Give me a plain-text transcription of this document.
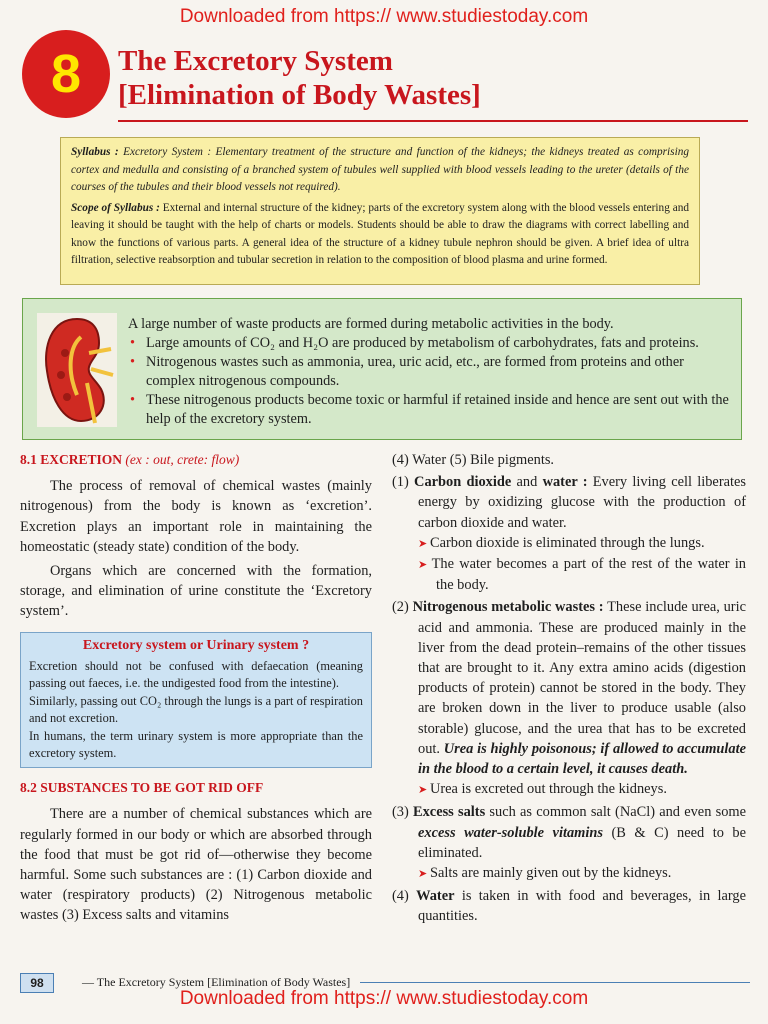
Downloaded from https:// www.studiestoday.com
8	The Excretory System
[Elimination of Body Wastes]

Syllabus : Excretory System : Elementary treatment of the structure and function of the kidneys; the kidneys treated as comprising cortex and medulla and consisting of a branched system of tubules well supplied with blood vessels leading to the ureter (details of the courses of the tubules and their blood vessels not required).

Scope of Syllabus : External and internal structure of the kidney; parts of the excretory system along with the blood vessels entering and leaving it should be taught with the help of charts or models. Students should be able to draw the diagrams with correct labelling and know the functions of various parts. A general idea of the structure of a kidney tubule nephron should be given. A brief idea of ultra filtration, selective reabsorption and tubular secretion in relation to the composition of blood plasma and urine formed.

A large number of waste products are formed during metabolic activities in the body.
• Large amounts of CO₂ and H₂O are produced by metabolism of carbohydrates, fats and proteins.
• Nitrogenous wastes such as ammonia, urea, uric acid, etc., are formed from proteins and other complex nitrogenous compounds.
• These nitrogenous products become toxic or harmful if retained inside and hence are sent out with the help of the excretory system.
8.1 EXCRETION (ex : out, crete: flow)

The process of removal of chemical wastes (mainly nitrogenous) from the body is known as ‘excretion’. Excretion plays an important role in maintaining the homeostatic (steady state) condition of the body.

Organs which are concerned with the formation, storage, and elimination of urine constitute the ‘Excretory system’.

Excretory system or Urinary system ?

Excretion should not be confused with defaecation (meaning passing out faeces, i.e. the undigested food from the intestine).

Similarly, passing out CO₂ through the lungs is a part of respiration and not excretion.

In humans, the term urinary system is more appropriate than the excretory system.

8.2 SUBSTANCES TO BE GOT RID OFF

There are a number of chemical substances which are regularly formed in our body or which are absorbed through the food that must be got rid of—otherwise they become harmful. Some such substances are : (1) Carbon dioxide and water (respiratory products) (2) Nitrogenous metabolic wastes (3) Excess salts and vitamins

(4) Water (5) Bile pigments.

(1) Carbon dioxide and water : Every living cell liberates energy by oxidizing glucose with the production of carbon dioxide and water.

➤ Carbon dioxide is eliminated through the lungs.

➤ The water becomes a part of the rest of the water in the body.

(2) Nitrogenous metabolic wastes : These include urea, uric acid and ammonia. These are produced mainly in the liver from the dead protein–remains of the other tissues that are brought to it. Any extra amino acids (digestion products of protein) cannot be stored in the body. They are broken down in the liver to produce usable (also storable) glucose, and the urea that has to be excreted out. Urea is highly poisonous; if allowed to accumulate in the blood to a certain level, it causes death.

➤ Urea is excreted out through the kidneys.

(3) Excess salts such as common salt (NaCl) and even some excess water-soluble vitamins (B & C) need to be eliminated.

➤ Salts are mainly given out by the kidneys.

(4) Water is taken in with food and beverages, in large quantities.

98	— The Excretory System [Elimination of Body Wastes]
Downloaded from https:// www.studiestoday.com
